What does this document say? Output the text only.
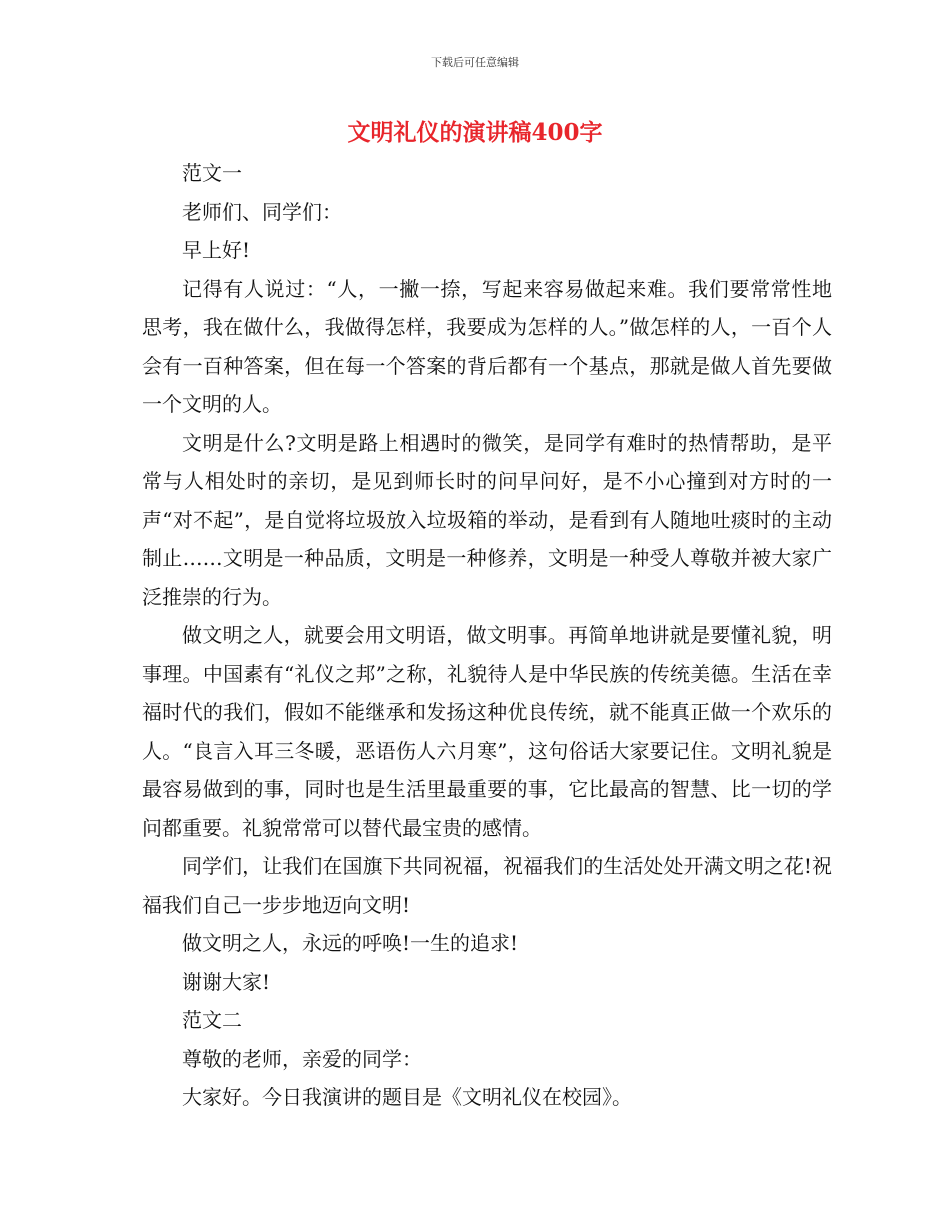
下载后可任意编辑
文明礼仪的演讲稿400字

范文一

老师们、同学们：

早上好!

记得有人说过：“人，一撇一捺，写起来容易做起来难。我们要常常性地思考，我在做什么，我做得怎样，我要成为怎样的人。”做怎样的人，一百个人会有一百种答案，但在每一个答案的背后都有一个基点，那就是做人首先要做一个文明的人。

文明是什么?文明是路上相遇时的微笑，是同学有难时的热情帮助，是平常与人相处时的亲切，是见到师长时的问早问好，是不小心撞到对方时的一声“对不起”，是自觉将垃圾放入垃圾箱的举动，是看到有人随地吐痰时的主动制止……文明是一种品质，文明是一种修养，文明是一种受人尊敬并被大家广泛推崇的行为。

做文明之人，就要会用文明语，做文明事。再简单地讲就是要懂礼貌，明事理。中国素有“礼仪之邦”之称，礼貌待人是中华民族的传统美德。生活在幸福时代的我们，假如不能继承和发扬这种优良传统，就不能真正做一个欢乐的人。“良言入耳三冬暖，恶语伤人六月寒”，这句俗话大家要记住。文明礼貌是最容易做到的事，同时也是生活里最重要的事，它比最高的智慧、比一切的学问都重要。礼貌常常可以替代最宝贵的感情。

同学们，让我们在国旗下共同祝福，祝福我们的生活处处开满文明之花!祝福我们自己一步步地迈向文明!

做文明之人，永远的呼唤!一生的追求!

谢谢大家!

范文二

尊敬的老师，亲爱的同学：

大家好。今日我演讲的题目是《文明礼仪在校园》。
